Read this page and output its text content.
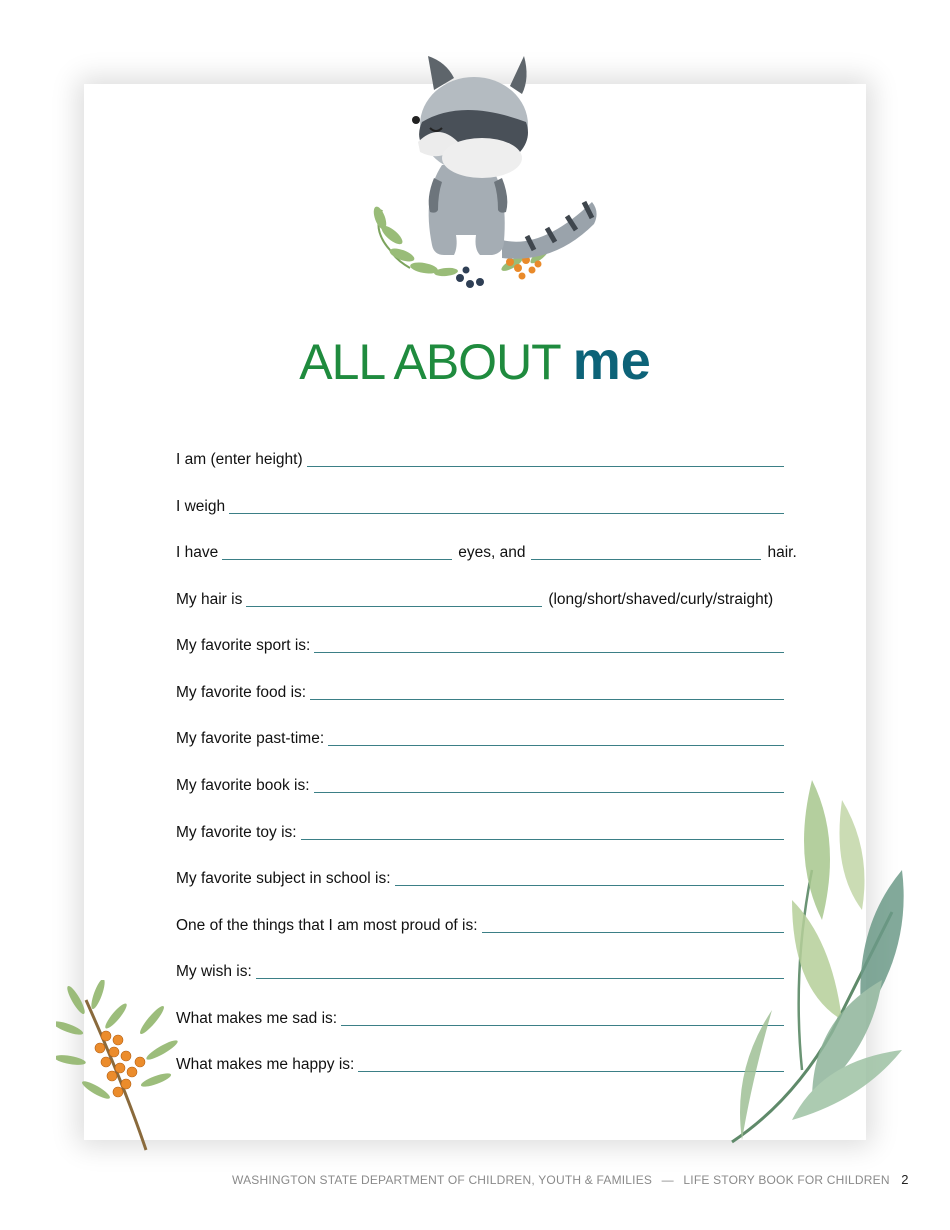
ALL ABOUT me
I am (enter height)
I weigh
I have	eyes, and	hair.
My hair is	(long/short/shaved/curly/straight)
My favorite sport is:
My favorite food is:
My favorite past-time:
My favorite book is:
My favorite toy is:
My favorite subject in school is:
One of the things that I am most proud of is:
My wish is:
What makes me sad is:
What makes me happy is:
WASHINGTON STATE DEPARTMENT OF CHILDREN, YOUTH & FAMILIES — LIFE STORY BOOK FOR CHILDREN 2
